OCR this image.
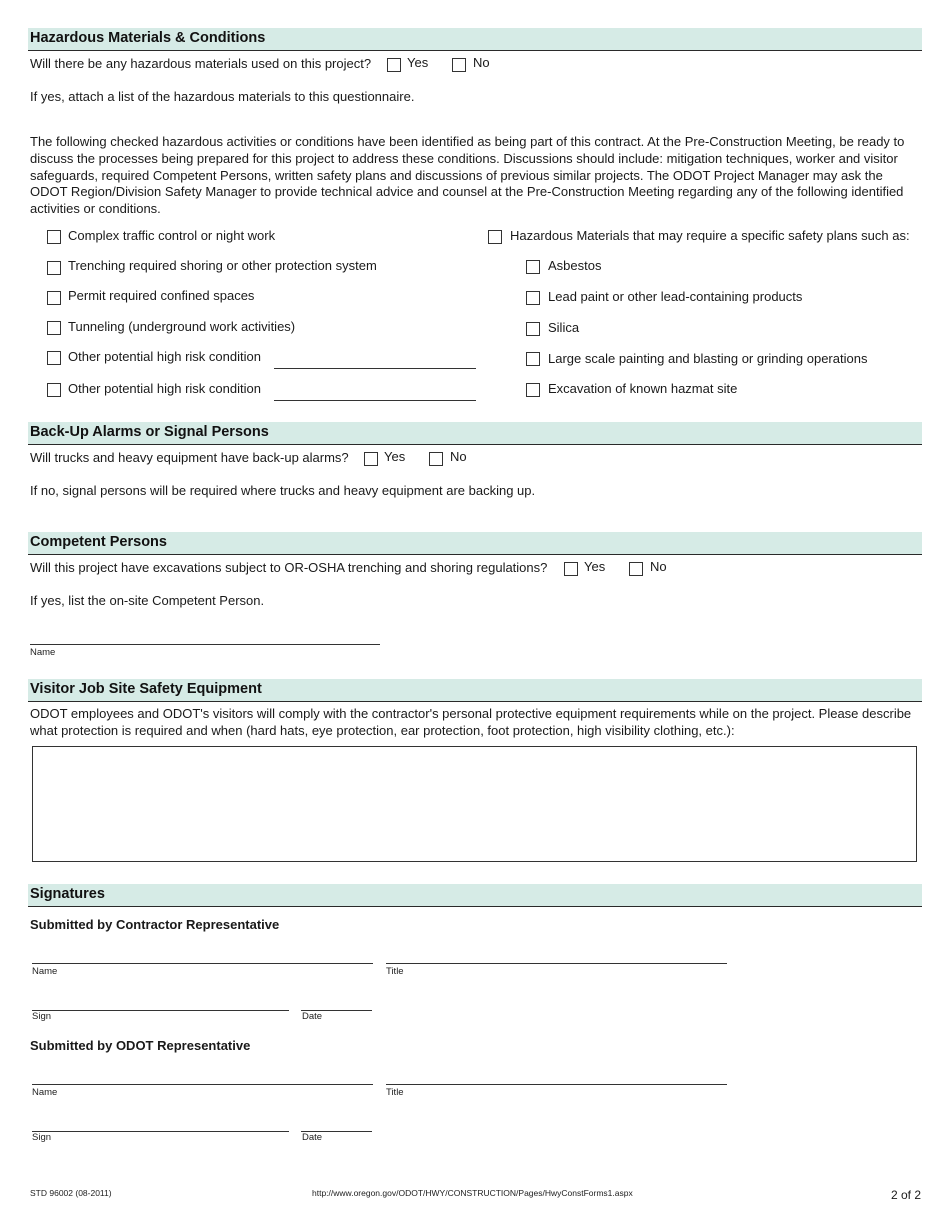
Hazardous Materials & Conditions
Will there be any hazardous materials used on this project?	Yes	No
If yes, attach a list of the hazardous materials to this questionnaire.
The following checked hazardous activities or conditions have been identified as being part of this contract. At the Pre-Construction Meeting, be ready to discuss the processes being prepared for this project to address these conditions. Discussions should include: mitigation techniques, worker and visitor safeguards, required Competent Persons, written safety plans and discussions of previous similar projects. The ODOT Project Manager may ask the ODOT Region/Division Safety Manager to provide technical advice and counsel at the Pre-Construction Meeting regarding any of the following identified activities or conditions.
Complex traffic control or night work
Trenching required shoring or other protection system
Permit required confined spaces
Tunneling (underground work activities)
Other potential high risk condition
Other potential high risk condition
Hazardous Materials that may require a specific safety plans such as:
Asbestos
Lead paint or other lead-containing products
Silica
Large scale painting and blasting or grinding operations
Excavation of known hazmat site
Back-Up Alarms or Signal Persons
Will trucks and heavy equipment have back-up alarms?	Yes	No
If no, signal persons will be required where trucks and heavy equipment are backing up.
Competent Persons
Will this project have excavations subject to OR-OSHA trenching and shoring regulations?	Yes	No
If yes, list the on-site Competent Person.
Name
Visitor Job Site Safety Equipment
ODOT employees and ODOT's visitors will comply with the contractor's personal protective equipment requirements while on the project. Please describe what protection is required and when (hard hats, eye protection, ear protection, foot protection, high visibility clothing, etc.):
Signatures
Submitted by Contractor Representative
Name	Title
Sign	Date
Submitted by ODOT Representative
Name	Title
Sign	Date
STD 96002 (08-2011)	http://www.oregon.gov/ODOT/HWY/CONSTRUCTION/Pages/HwyConstForms1.aspx	2 of 2
